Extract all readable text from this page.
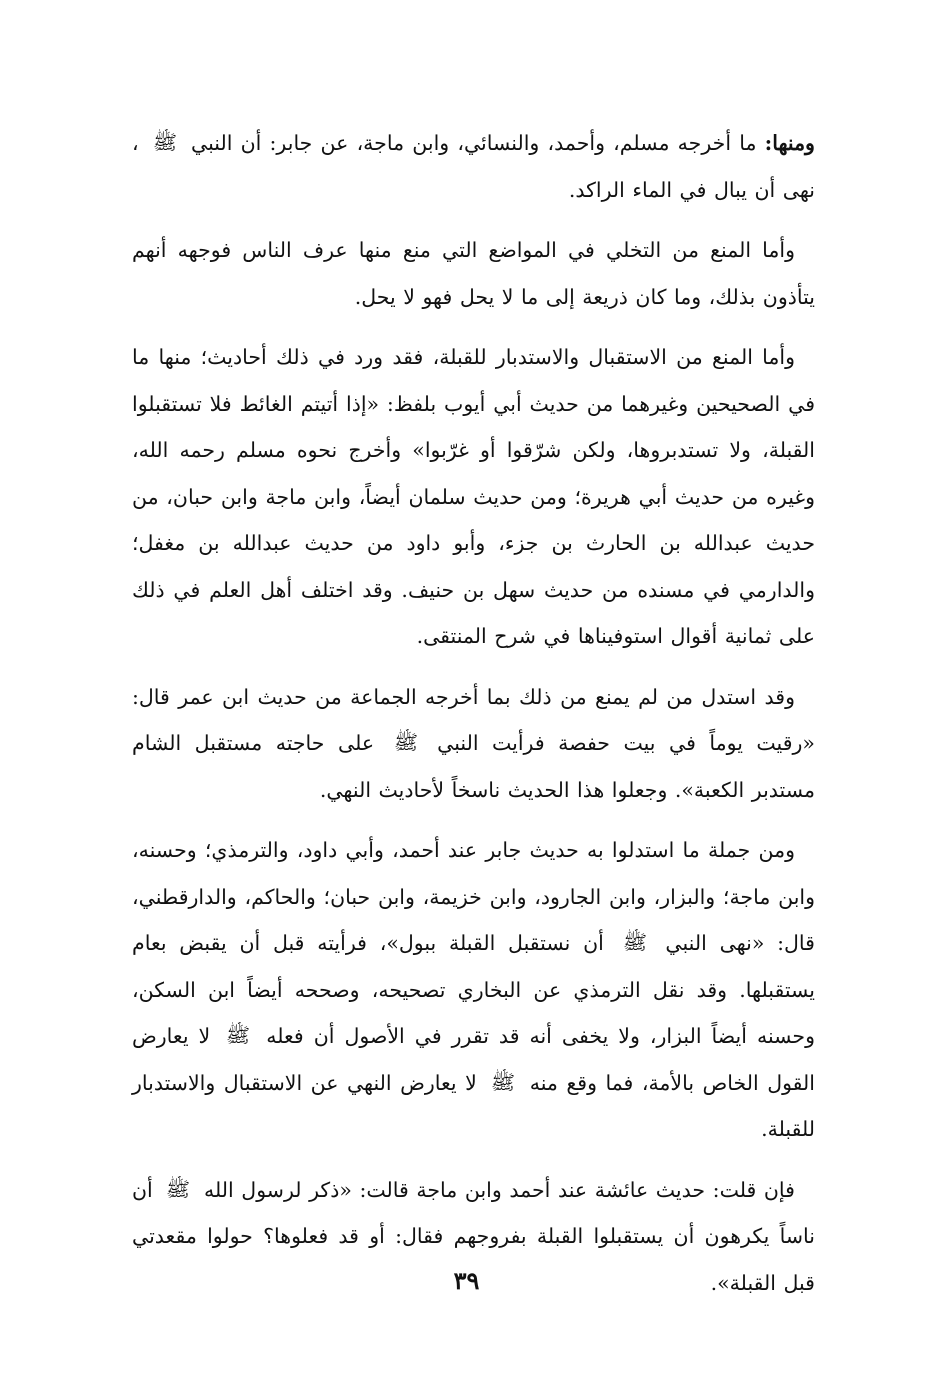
ومنها: ما أخرجه مسلم، وأحمد، والنسائي، وابن ماجة، عن جابر: أن النبي
ﷺ
، نهى أن يبال في الماء الراكد.

وأما المنع من التخلي في المواضع التي منع منها عرف الناس فوجهه أنهم يتأذون بذلك، وما كان ذريعة إلى ما لا يحل فهو لا يحل.

وأما المنع من الاستقبال والاستدبار للقبلة، فقد ورد في ذلك أحاديث؛ منها ما في الصحيحين وغيرهما من حديث أبي أيوب بلفظ: «إذا أتيتم الغائط فلا تستقبلوا القبلة، ولا تستدبروها، ولكن شرّقوا أو غرّبوا» وأخرج نحوه مسلم رحمه الله، وغيره من حديث أبي هريرة؛ ومن حديث سلمان أيضاً، وابن ماجة وابن حبان، من حديث عبدالله بن الحارث بن جزء، وأبو داود من حديث عبدالله بن مغفل؛ والدارمي في مسنده من حديث سهل بن حنيف. وقد اختلف أهل العلم في ذلك على ثمانية أقوال استوفيناها في شرح المنتقى.

وقد استدل من لم يمنع من ذلك بما أخرجه الجماعة من حديث ابن عمر قال: «رقيت يوماً في بيت حفصة فرأيت النبي
ﷺ
على حاجته مستقبل الشام مستدبر الكعبة». وجعلوا هذا الحديث ناسخاً لأحاديث النهي.

ومن جملة ما استدلوا به حديث جابر عند أحمد، وأبي داود، والترمذي؛ وحسنه، وابن ماجة؛ والبزار، وابن الجارود، وابن خزيمة، وابن حبان؛ والحاكم، والدارقطني، قال: «نهى النبي
ﷺ
أن نستقبل القبلة ببول»، فرأيته قبل أن يقبض بعام يستقبلها. وقد نقل الترمذي عن البخاري تصحيحه، وصححه أيضاً ابن السكن، وحسنه أيضاً البزار، ولا يخفى أنه قد تقرر في الأصول أن فعله
ﷺ
لا يعارض القول الخاص بالأمة، فما وقع منه
ﷺ
لا يعارض النهي عن الاستقبال والاستدبار للقبلة.

فإن قلت: حديث عائشة عند أحمد وابن ماجة قالت: «ذكر لرسول الله
ﷺ
أن ناساً يكرهون أن يستقبلوا القبلة بفروجهم فقال: أو قد فعلوها؟ حولوا مقعدتي قبل القبلة».

٣٩
